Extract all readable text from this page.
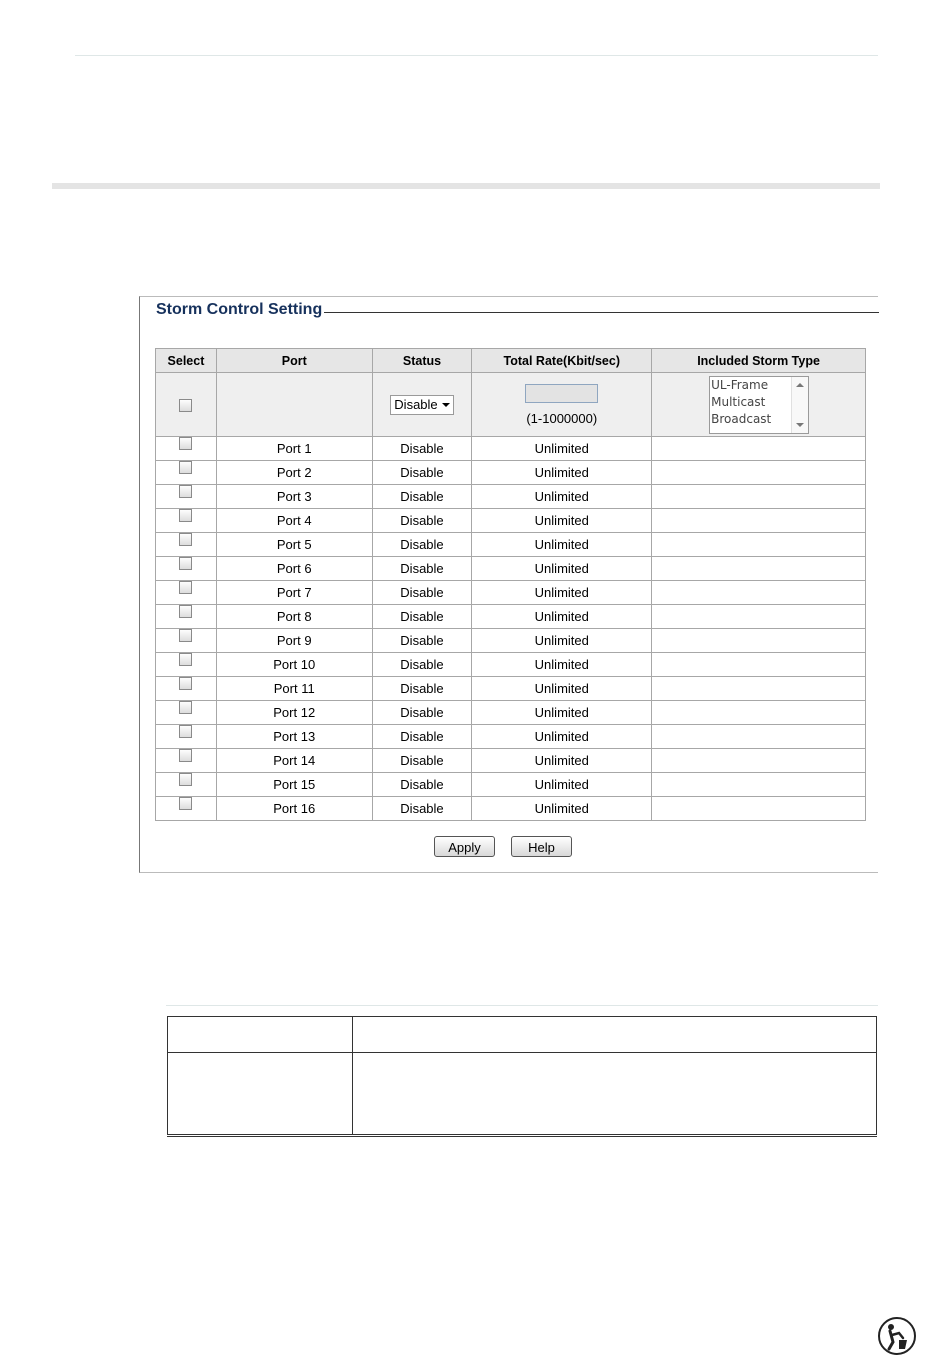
Storm Control Setting
Select	Port	Status	Total Rate(Kbit/sec)	Included Storm Type
		Disable	(1-1000000)	UL-Frame
Multicast
Broadcast

	Port 1	Disable	Unlimited	
	Port 2	Disable	Unlimited	
	Port 3	Disable	Unlimited	
	Port 4	Disable	Unlimited	
	Port 5	Disable	Unlimited	
	Port 6	Disable	Unlimited	
	Port 7	Disable	Unlimited	
	Port 8	Disable	Unlimited	
	Port 9	Disable	Unlimited	
	Port 10	Disable	Unlimited	
	Port 11	Disable	Unlimited	
	Port 12	Disable	Unlimited	
	Port 13	Disable	Unlimited	
	Port 14	Disable	Unlimited	
	Port 15	Disable	Unlimited	
	Port 16	Disable	Unlimited	
Apply	Help
